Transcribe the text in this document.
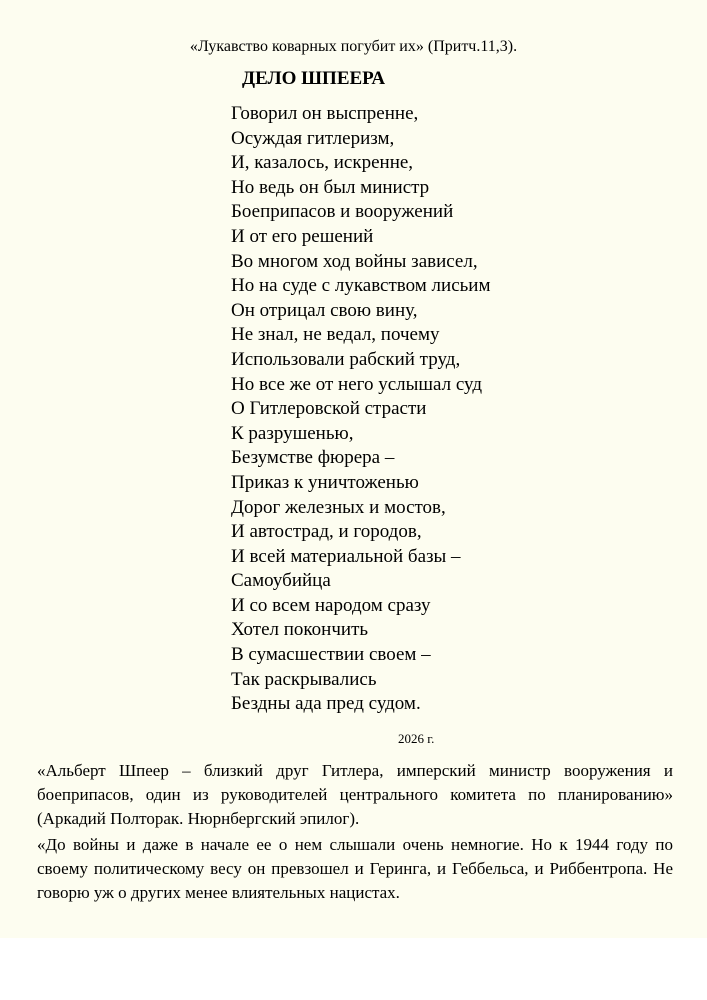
«Лукавство коварных погубит их» (Притч.11,3).
ДЕЛО ШПЕЕРА
Говорил он выспренне,
Осуждая гитлеризм,
И, казалось, искренне,
Но ведь он был министр
Боеприпасов и вооружений
И от его решений
Во многом ход войны зависел,
Но на суде с лукавством лисьим
Он отрицал свою вину,
Не знал, не ведал, почему
Использовали рабский труд,
Но все же от него услышал суд
О Гитлеровской страсти
К разрушенью,
Безумстве фюрера –
Приказ к уничтоженью
Дорог железных и мостов,
И автострад, и городов,
И всей материальной базы –
Самоубийца
И со всем народом сразу
Хотел покончить
В сумасшествии своем –
Так раскрывались
Бездны ада пред судом.
2026 г.

«Альберт Шпеер – близкий друг Гитлера, имперский министр вооружения и боеприпасов, один из руководителей центрального комитета по планированию» (Аркадий Полторак. Нюрнбергский эпилог).

«До войны и даже в начале ее о нем слышали очень немногие. Но к 1944 году по своему политическому весу он превзошел и Геринга, и Геббельса, и Риббентропа. Не говорю уж о других менее влиятельных нацистах.
